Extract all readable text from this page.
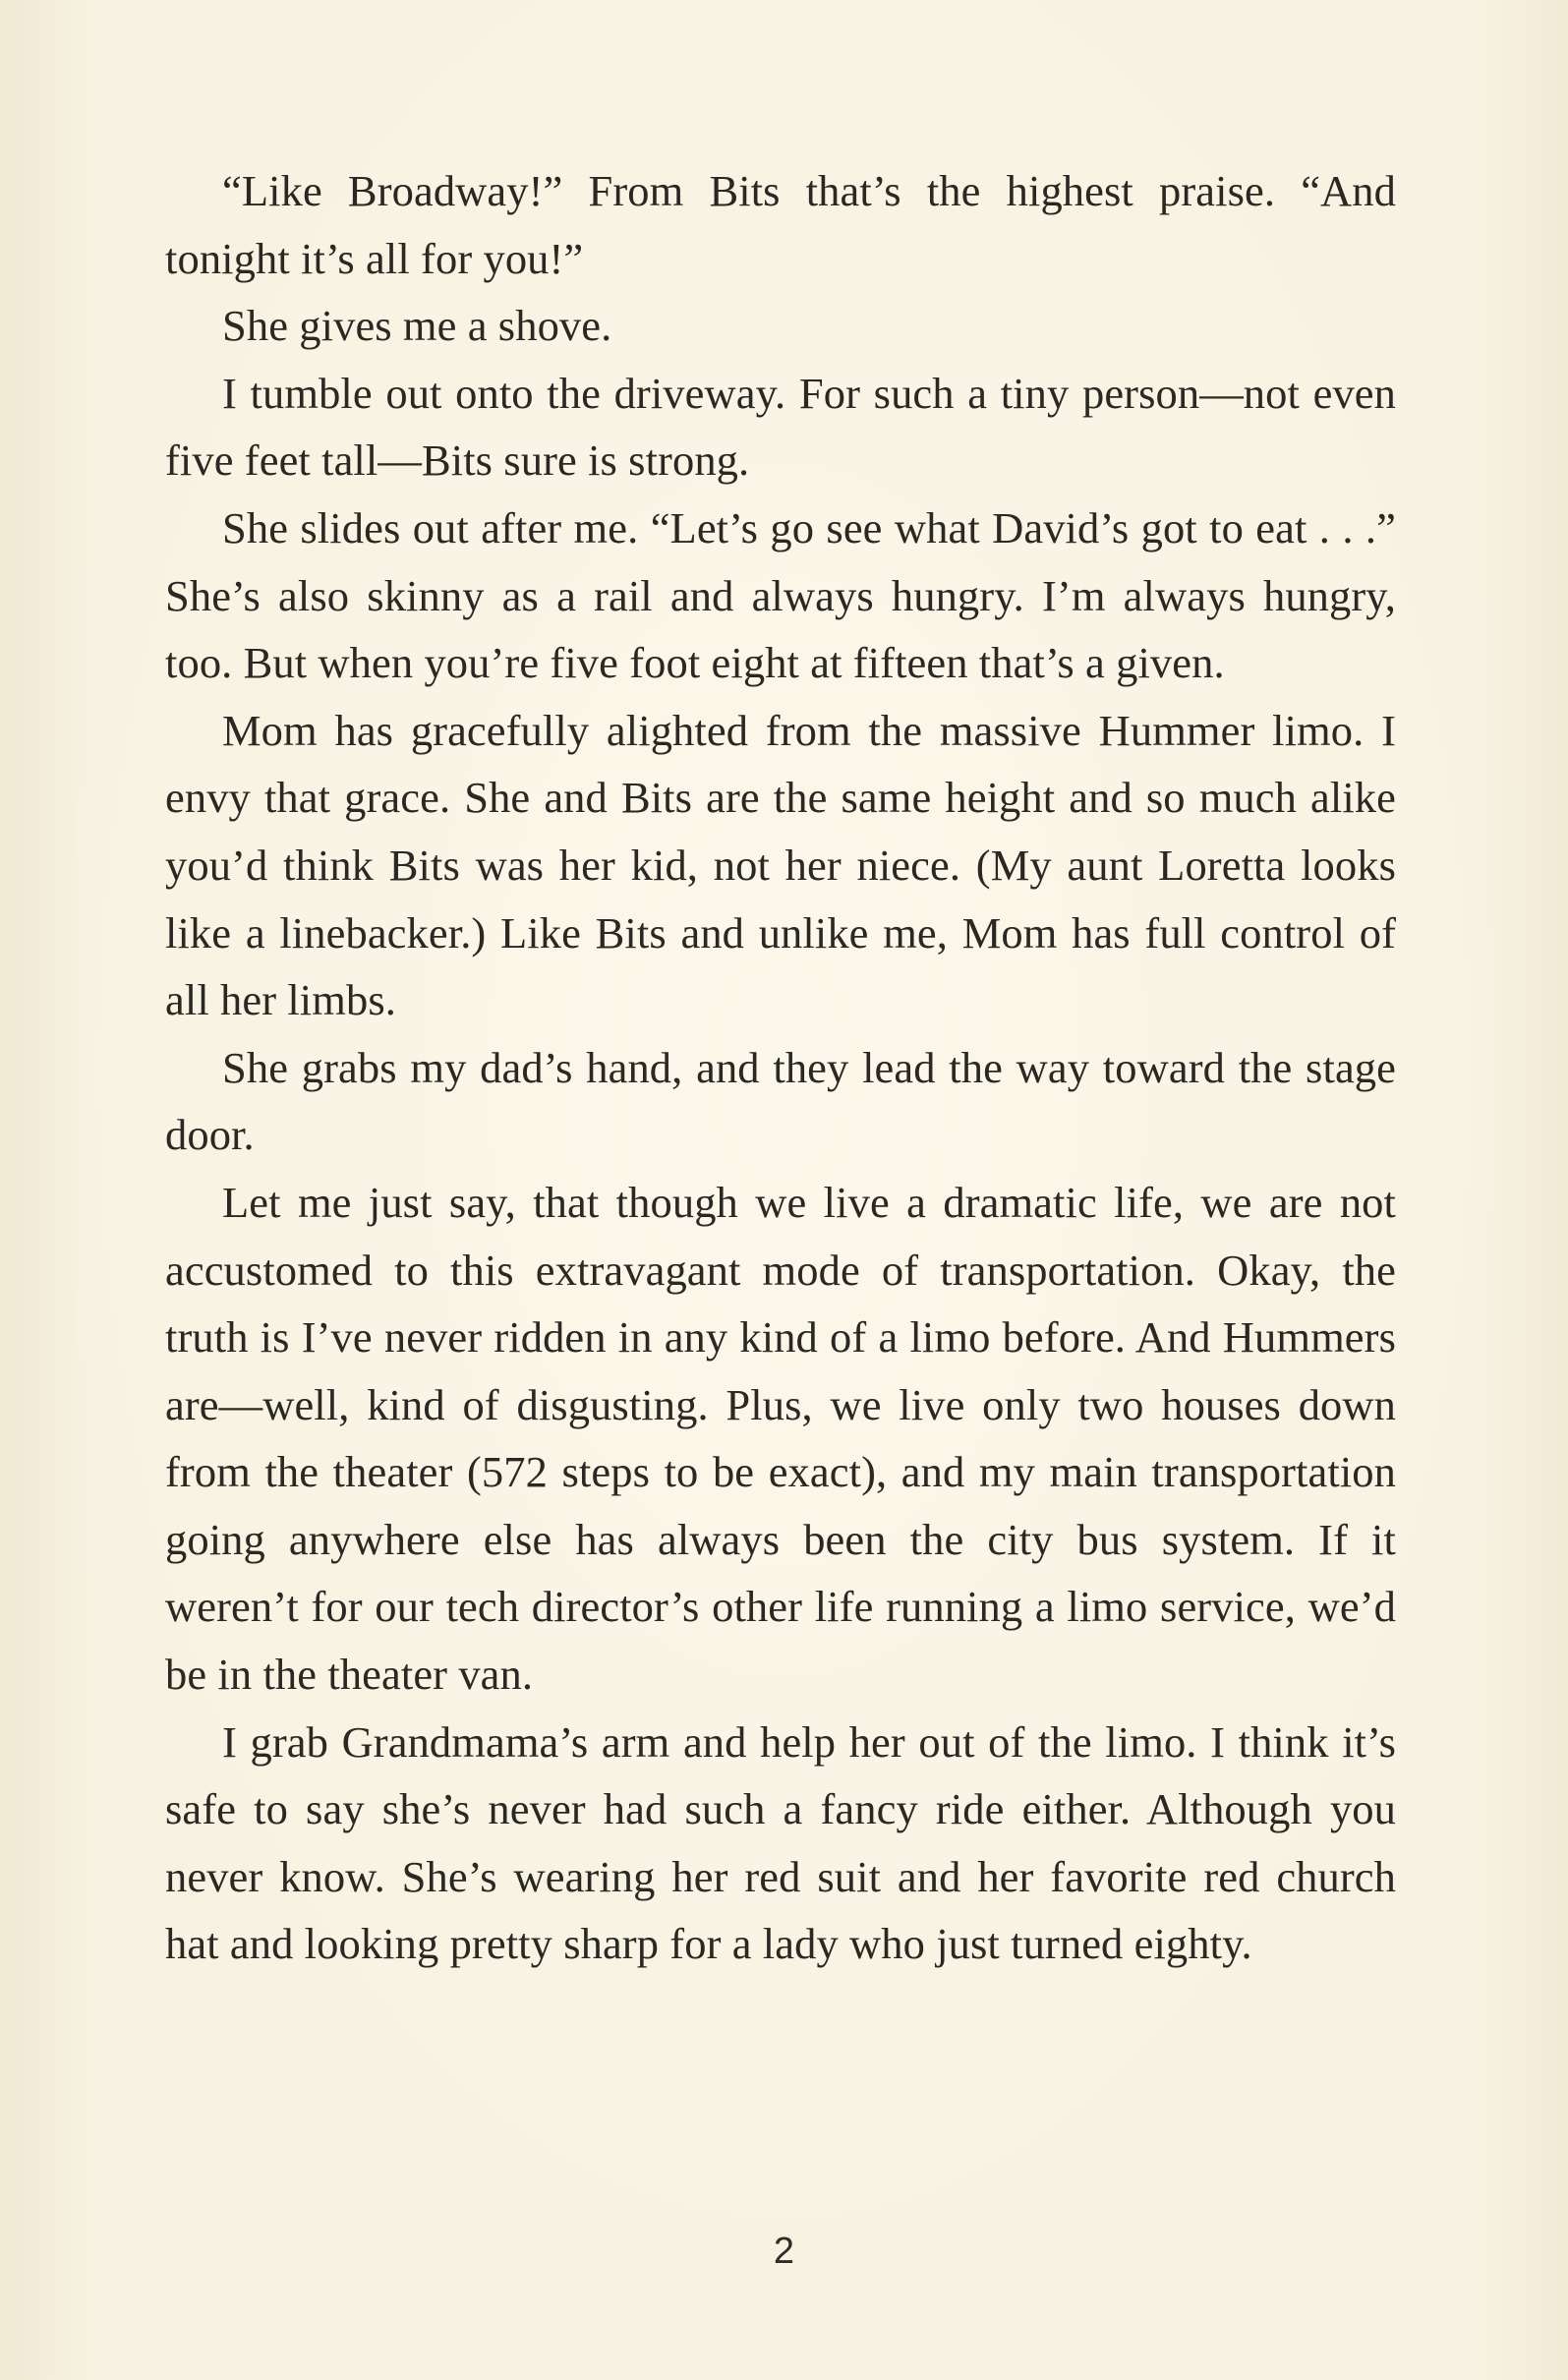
“Like Broadway!” From Bits that’s the highest praise. “And tonight it’s all for you!”

She gives me a shove.

I tumble out onto the driveway. For such a tiny person—not even five feet tall—Bits sure is strong.

She slides out after me. “Let’s go see what David’s got to eat . . .” She’s also skinny as a rail and always hungry. I’m always hungry, too. But when you’re five foot eight at fifteen that’s a given.

Mom has gracefully alighted from the massive Hummer limo. I envy that grace. She and Bits are the same height and so much alike you’d think Bits was her kid, not her niece. (My aunt Loretta looks like a linebacker.) Like Bits and unlike me, Mom has full control of all her limbs.

She grabs my dad’s hand, and they lead the way toward the stage door.

Let me just say, that though we live a dramatic life, we are not accustomed to this extravagant mode of transportation. Okay, the truth is I’ve never ridden in any kind of a limo before. And Hummers are—well, kind of disgusting. Plus, we live only two houses down from the theater (572 steps to be exact), and my main transportation going anywhere else has always been the city bus system. If it weren’t for our tech director’s other life running a limo service, we’d be in the theater van.

I grab Grandmama’s arm and help her out of the limo. I think it’s safe to say she’s never had such a fancy ride either. Although you never know. She’s wearing her red suit and her favorite red church hat and looking pretty sharp for a lady who just turned eighty.

2
